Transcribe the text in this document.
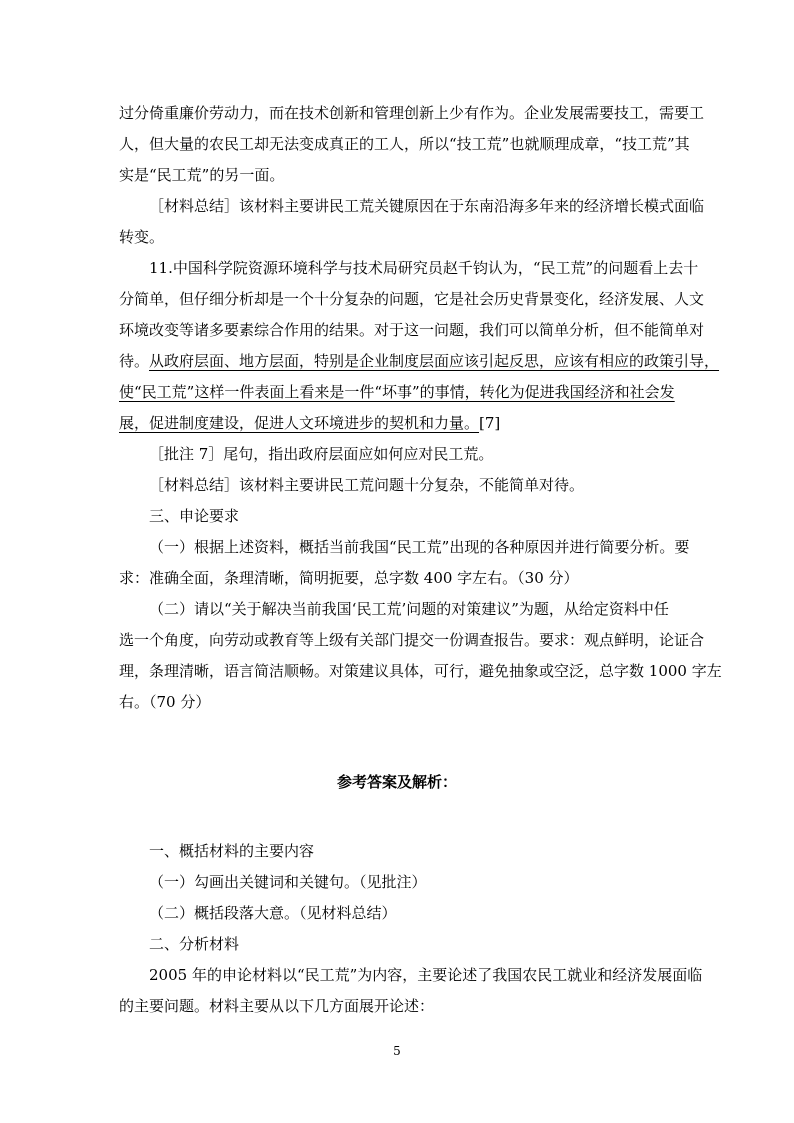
过分倚重廉价劳动力，而在技术创新和管理创新上少有作为。企业发展需要技工，需要工
人，但大量的农民工却无法变成真正的工人，所以“技工荒”也就顺理成章，“技工荒”其
实是“民工荒”的另一面。
［材料总结］该材料主要讲民工荒关键原因在于东南沿海多年来的经济增长模式面临
转变。
11.中国科学院资源环境科学与技术局研究员赵千钧认为，“民工荒”的问题看上去十
分简单，但仔细分析却是一个十分复杂的问题，它是社会历史背景变化，经济发展、人文
环境改变等诸多要素综合作用的结果。对于这一问题，我们可以简单分析，但不能简单对
待。从政府层面、地方层面，特别是企业制度层面应该引起反思，应该有相应的政策引导，
使“民工荒”这样一件表面上看来是一件“坏事”的事情，转化为促进我国经济和社会发
展，促进制度建设，促进人文环境进步的契机和力量。[7]
［批注 7］尾句，指出政府层面应如何应对民工荒。
［材料总结］该材料主要讲民工荒问题十分复杂，不能简单对待。
三、申论要求
（一）根据上述资料，概括当前我国“民工荒”出现的各种原因并进行简要分析。要
求：准确全面，条理清晰，简明扼要，总字数 400 字左右。（30 分）
（二）请以“关于解决当前我国‘民工荒’问题的对策建议”为题，从给定资料中任
选一个角度，向劳动或教育等上级有关部门提交一份调查报告。要求：观点鲜明，论证合
理，条理清晰，语言简洁顺畅。对策建议具体，可行，避免抽象或空泛，总字数 1000 字左
右。（70 分）
参考答案及解析：
一、概括材料的主要内容
（一）勾画出关键词和关键句。（见批注）
（二）概括段落大意。（见材料总结）
二、分析材料
2005 年的申论材料以“民工荒”为内容，主要论述了我国农民工就业和经济发展面临
的主要问题。材料主要从以下几方面展开论述：
5
